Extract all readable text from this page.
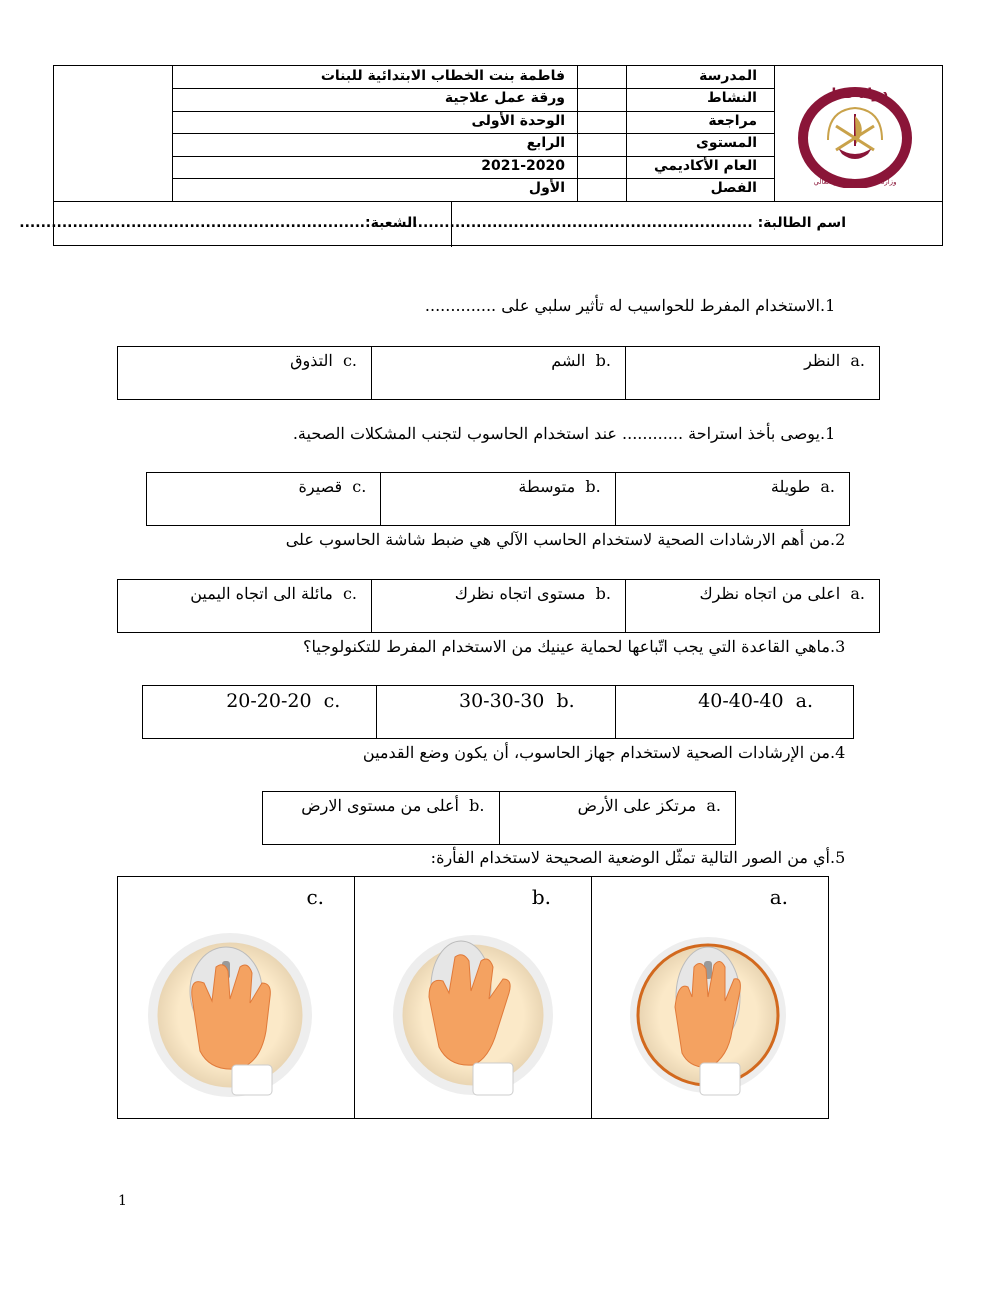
المدرسة
النشاط
مراجعة
المستوى
العام الأكاديمي
الفصل
فاطمة بنت الخطاب الابتدائية للبنات
ورقة عمل علاجية
الوحدة الأولى
الرابع
2021-2020
الأول
دولة قطر
وزارة التعليم و التعليم العالي
اسم الطالبة: .................................................................
الشعبة:.................................................................
1.الاستخدام المفرط للحواسيب له تأثير سلبي على ..............
.a  النظر
.b  الشم
.c  التذوق
1.يوصى بأخذ استراحة ............ عند استخدام الحاسوب لتجنب المشكلات الصحية.
.a  طويلة
.b  متوسطة
.c  قصيرة
2.من أهم الارشادات الصحية لاستخدام الحاسب الآلي هي ضبط شاشة الحاسوب على
.a  اعلى من اتجاه نظرك
.b  مستوى اتجاه نظرك
.c  مائلة الى اتجاه اليمين
3.ماهي القاعدة التي يجب اتّباعها لحماية عينيك من الاستخدام المفرط للتكنولوجيا؟
40-40-40 a.
30-30-30 b.
20-20-20 c.
4.من الإرشادات الصحية لاستخدام جهاز الحاسوب، أن يكون وضع القدمين
.a  مرتكز على الأرض
.b  أعلى من مستوى الارض
5.أي من الصور التالية تمثّل الوضعية الصحيحة لاستخدام الفأرة:
.a
.b
.c
1
